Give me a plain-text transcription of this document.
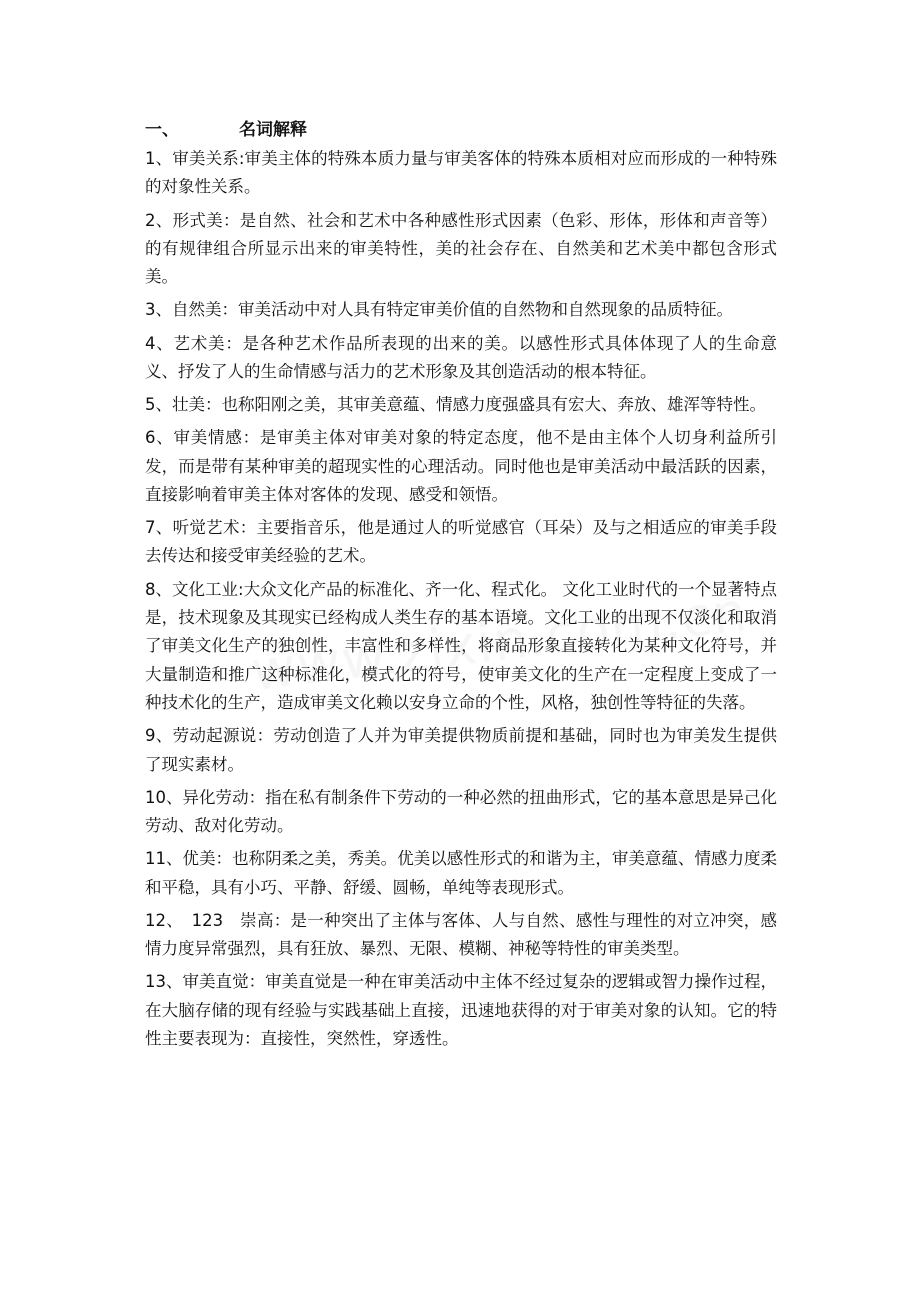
一、	名词解释

1、审美关系:审美主体的特殊本质力量与审美客体的特殊本质相对应而形成的一种特殊的对象性关系。

2、形式美：是自然、社会和艺术中各种感性形式因素（色彩、形体，形体和声音等）的有规律组合所显示出来的审美特性，美的社会存在、自然美和艺术美中都包含形式美。

3、自然美：审美活动中对人具有特定审美价值的自然物和自然现象的品质特征。

4、艺术美：是各种艺术作品所表现的出来的美。以感性形式具体体现了人的生命意义、抒发了人的生命情感与活力的艺术形象及其创造活动的根本特征。

5、壮美：也称阳刚之美，其审美意蕴、情感力度强盛具有宏大、奔放、雄浑等特性。

6、审美情感：是审美主体对审美对象的特定态度，他不是由主体个人切身利益所引发，而是带有某种审美的超现实性的心理活动。同时他也是审美活动中最活跃的因素，直接影响着审美主体对客体的发现、感受和领悟。

7、听觉艺术：主要指音乐，他是通过人的听觉感官（耳朵）及与之相适应的审美手段去传达和接受审美经验的艺术。

8、文化工业:大众文化产品的标准化、齐一化、程式化。 文化工业时代的一个显著特点是，技术现象及其现实已经构成人类生存的基本语境。文化工业的出现不仅淡化和取消了审美文化生产的独创性，丰富性和多样性，将商品形象直接转化为某种文化符号，并大量制造和推广这种标准化，模式化的符号，使审美文化的生产在一定程度上变成了一种技术化的生产，造成审美文化赖以安身立命的个性，风格，独创性等特征的失落。

9、劳动起源说：劳动创造了人并为审美提供物质前提和基础，同时也为审美发生提供了现实素材。

10、异化劳动：指在私有制条件下劳动的一种必然的扭曲形式，它的基本意思是异己化劳动、敌对化劳动。

11、优美：也称阴柔之美，秀美。优美以感性形式的和谐为主，审美意蕴、情感力度柔和平稳，具有小巧、平静、舒缓、圆畅，单纯等表现形式。

12、　123　崇高：是一种突出了主体与客体、人与自然、感性与理性的对立冲突，感情力度异常强烈，具有狂放、暴烈、无限、模糊、神秘等特性的审美类型。

13、审美直觉：审美直觉是一种在审美活动中主体不经过复杂的逻辑或智力操作过程，在大脑存储的现有经验与实践基础上直接，迅速地获得的对于审美对象的认知。它的特性主要表现为：直接性，突然性，穿透性。
